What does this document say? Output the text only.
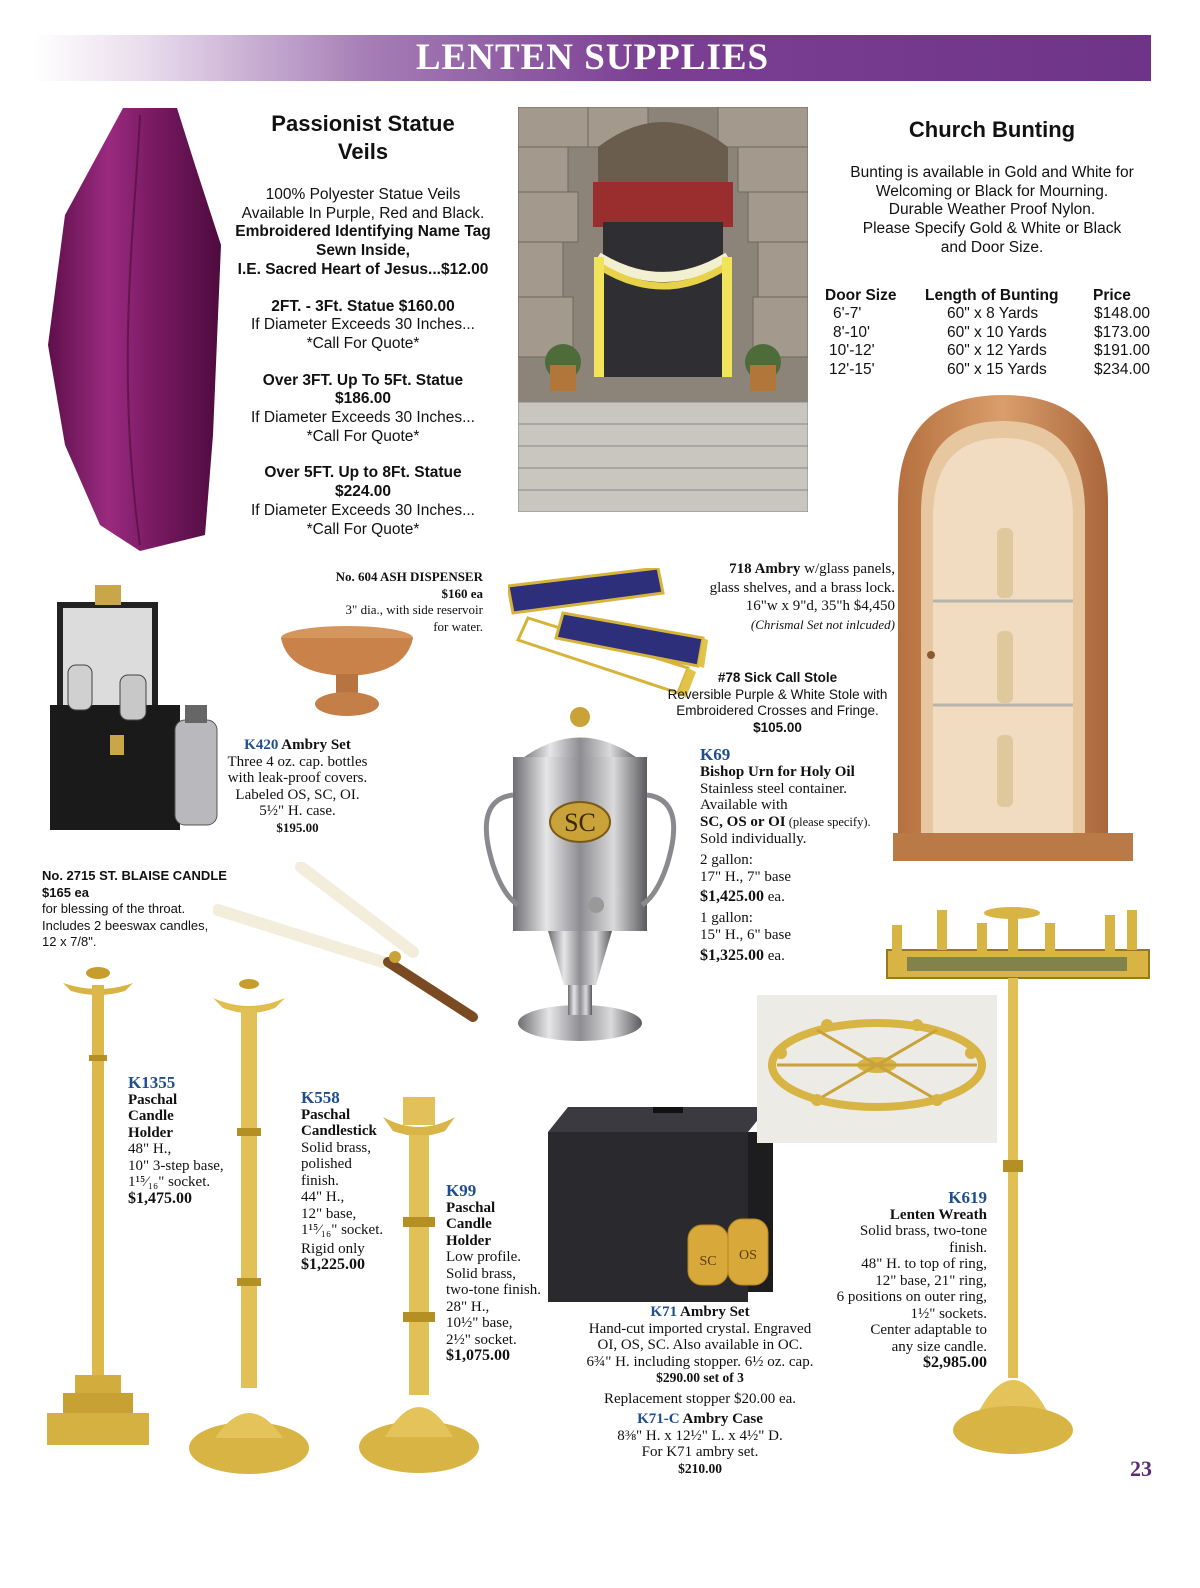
LENTEN SUPPLIES
SC
SC OS
Passionist Statue
Veils
100% Polyester Statue Veils
Available In Purple, Red and Black.
Embroidered Identifying Name Tag
Sewn Inside,
I.E. Sacred Heart of Jesus...$12.00
2FT. - 3Ft. Statue $160.00
If Diameter Exceeds 30 Inches...
*Call For Quote*
Over 3FT. Up To 5Ft. Statue
$186.00
If Diameter Exceeds 30 Inches...
*Call For Quote*
Over 5FT. Up to 8Ft. Statue
$224.00
If Diameter Exceeds 30 Inches...
*Call For Quote*
Church Bunting
Bunting is available in Gold and White for
Welcoming or Black for Mourning.
Durable Weather Proof Nylon.
Please Specify Gold & White or Black
and Door Size.
Door Size	Length of Bunting	Price
6'-7'	60" x 8 Yards	$148.00
8'-10'	60" x 10 Yards	$173.00
10'-12'	60" x 12 Yards	$191.00
12'-15'	60" x 15 Yards	$234.00
No. 604 ASH DISPENSER
$160 ea
3" dia., with side reservoir
for water.
718 Ambry w/glass panels,
glass shelves, and a brass lock.
16"w x 9"d, 35"h $4,450
(Chrismal Set not inlcuded)
#78 Sick Call Stole
Reversible Purple & White Stole with
Embroidered Crosses and Fringe.
$105.00
K420 Ambry Set
Three 4 oz. cap. bottles
with leak-proof covers.
Labeled OS, SC, OI.
5½" H. case.
$195.00
K69
Bishop Urn for Holy Oil
Stainless steel container.
Available with
SC, OS or OI (please specify).
Sold individually.
2 gallon:
17" H., 7" base
$1,425.00 ea.
1 gallon:
15" H., 6" base
$1,325.00 ea.
No. 2715 ST. BLAISE CANDLE
$165 ea
for blessing of the throat.
Includes 2 beeswax candles,
12 x 7/8".
K1355
Paschal
Candle
Holder
48" H.,
10" 3-step base,
1¹⁵⁄₁₆" socket.
$1,475.00
K558
Paschal
Candlestick
Solid brass,
polished
finish.
44" H.,
12" base,
1¹⁵⁄₁₆" socket.
Rigid only
$1,225.00
K99
Paschal
Candle
Holder
Low profile.
Solid brass,
two-tone finish.
28" H.,
10½" base,
2½" socket.
$1,075.00
K71 Ambry Set
Hand-cut imported crystal. Engraved
OI, OS, SC. Also available in OC.
6¾" H. including stopper. 6½ oz. cap.
$290.00 set of 3
Replacement stopper $20.00 ea.
K71-C Ambry Case
8⅜" H. x 12½" L. x 4½" D.
For K71 ambry set.
$210.00
K619
Lenten Wreath
Solid brass, two-tone
finish.
48" H. to top of ring,
12" base, 21" ring,
6 positions on outer ring,
1½" sockets.
Center adaptable to
any size candle.
$2,985.00
23
